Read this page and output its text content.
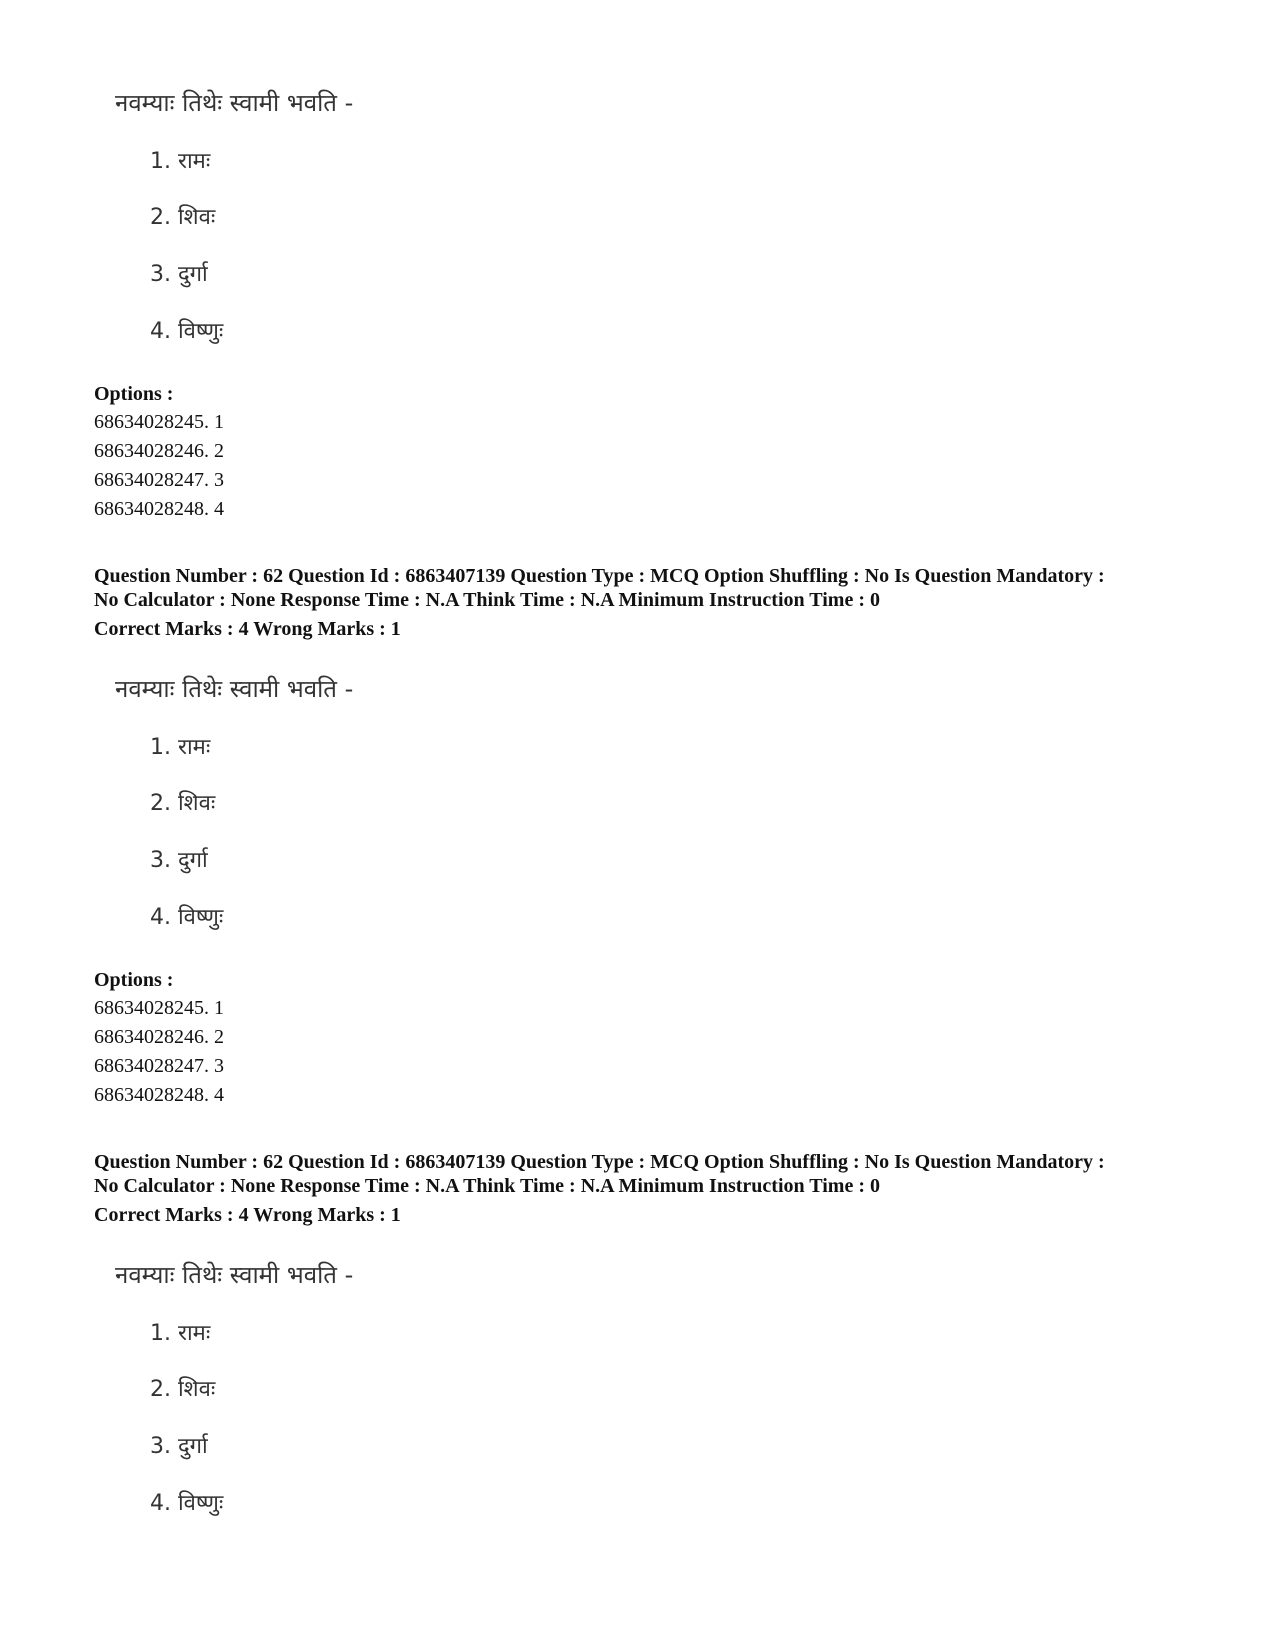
नवम्याः तिथेः स्वामी भवति -
1. रामः
2. शिवः
3. दुर्गा
4. विष्णुः
Options :
68634028245. 1
68634028246. 2
68634028247. 3
68634028248. 4
Question Number : 62 Question Id : 6863407139 Question Type : MCQ Option Shuffling : No Is Question Mandatory :
No Calculator : None Response Time : N.A Think Time : N.A Minimum Instruction Time : 0
Correct Marks : 4 Wrong Marks : 1
नवम्याः तिथेः स्वामी भवति -
1. रामः
2. शिवः
3. दुर्गा
4. विष्णुः
Options :
68634028245. 1
68634028246. 2
68634028247. 3
68634028248. 4
Question Number : 62 Question Id : 6863407139 Question Type : MCQ Option Shuffling : No Is Question Mandatory :
No Calculator : None Response Time : N.A Think Time : N.A Minimum Instruction Time : 0
Correct Marks : 4 Wrong Marks : 1
नवम्याः तिथेः स्वामी भवति -
1. रामः
2. शिवः
3. दुर्गा
4. विष्णुः
